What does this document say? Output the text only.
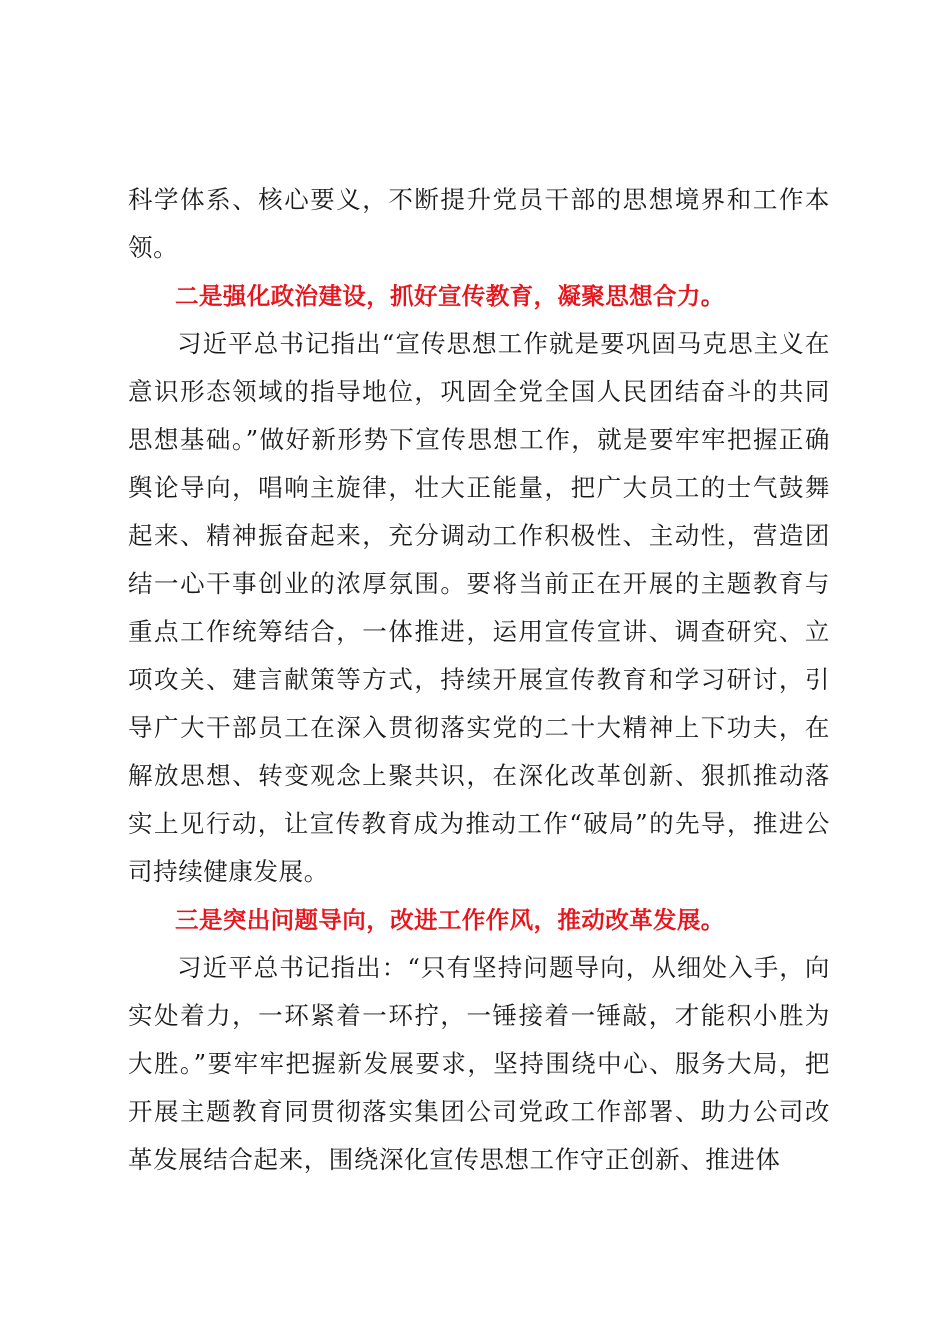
科学体系、核心要义，不断提升党员干部的思想境界和工作本领。

二是强化政治建设，抓好宣传教育，凝聚思想合力。

习近平总书记指出“宣传思想工作就是要巩固马克思主义在意识形态领域的指导地位，巩固全党全国人民团结奋斗的共同思想基础。”做好新形势下宣传思想工作，就是要牢牢把握正确舆论导向，唱响主旋律，壮大正能量，把广大员工的士气鼓舞起来、精神振奋起来，充分调动工作积极性、主动性，营造团结一心干事创业的浓厚氛围。要将当前正在开展的主题教育与重点工作统筹结合，一体推进，运用宣传宣讲、调查研究、立项攻关、建言献策等方式，持续开展宣传教育和学习研讨，引导广大干部员工在深入贯彻落实党的二十大精神上下功夫，在解放思想、转变观念上聚共识，在深化改革创新、狠抓推动落实上见行动，让宣传教育成为推动工作“破局”的先导，推进公司持续健康发展。

三是突出问题导向，改进工作作风，推动改革发展。

习近平总书记指出：“只有坚持问题导向，从细处入手，向实处着力，一环紧着一环拧，一锤接着一锤敲，才能积小胜为大胜。”要牢牢把握新发展要求，坚持围绕中心、服务大局，把开展主题教育同贯彻落实集团公司党政工作部署、助力公司改革发展结合起来，围绕深化宣传思想工作守正创新、推进体
